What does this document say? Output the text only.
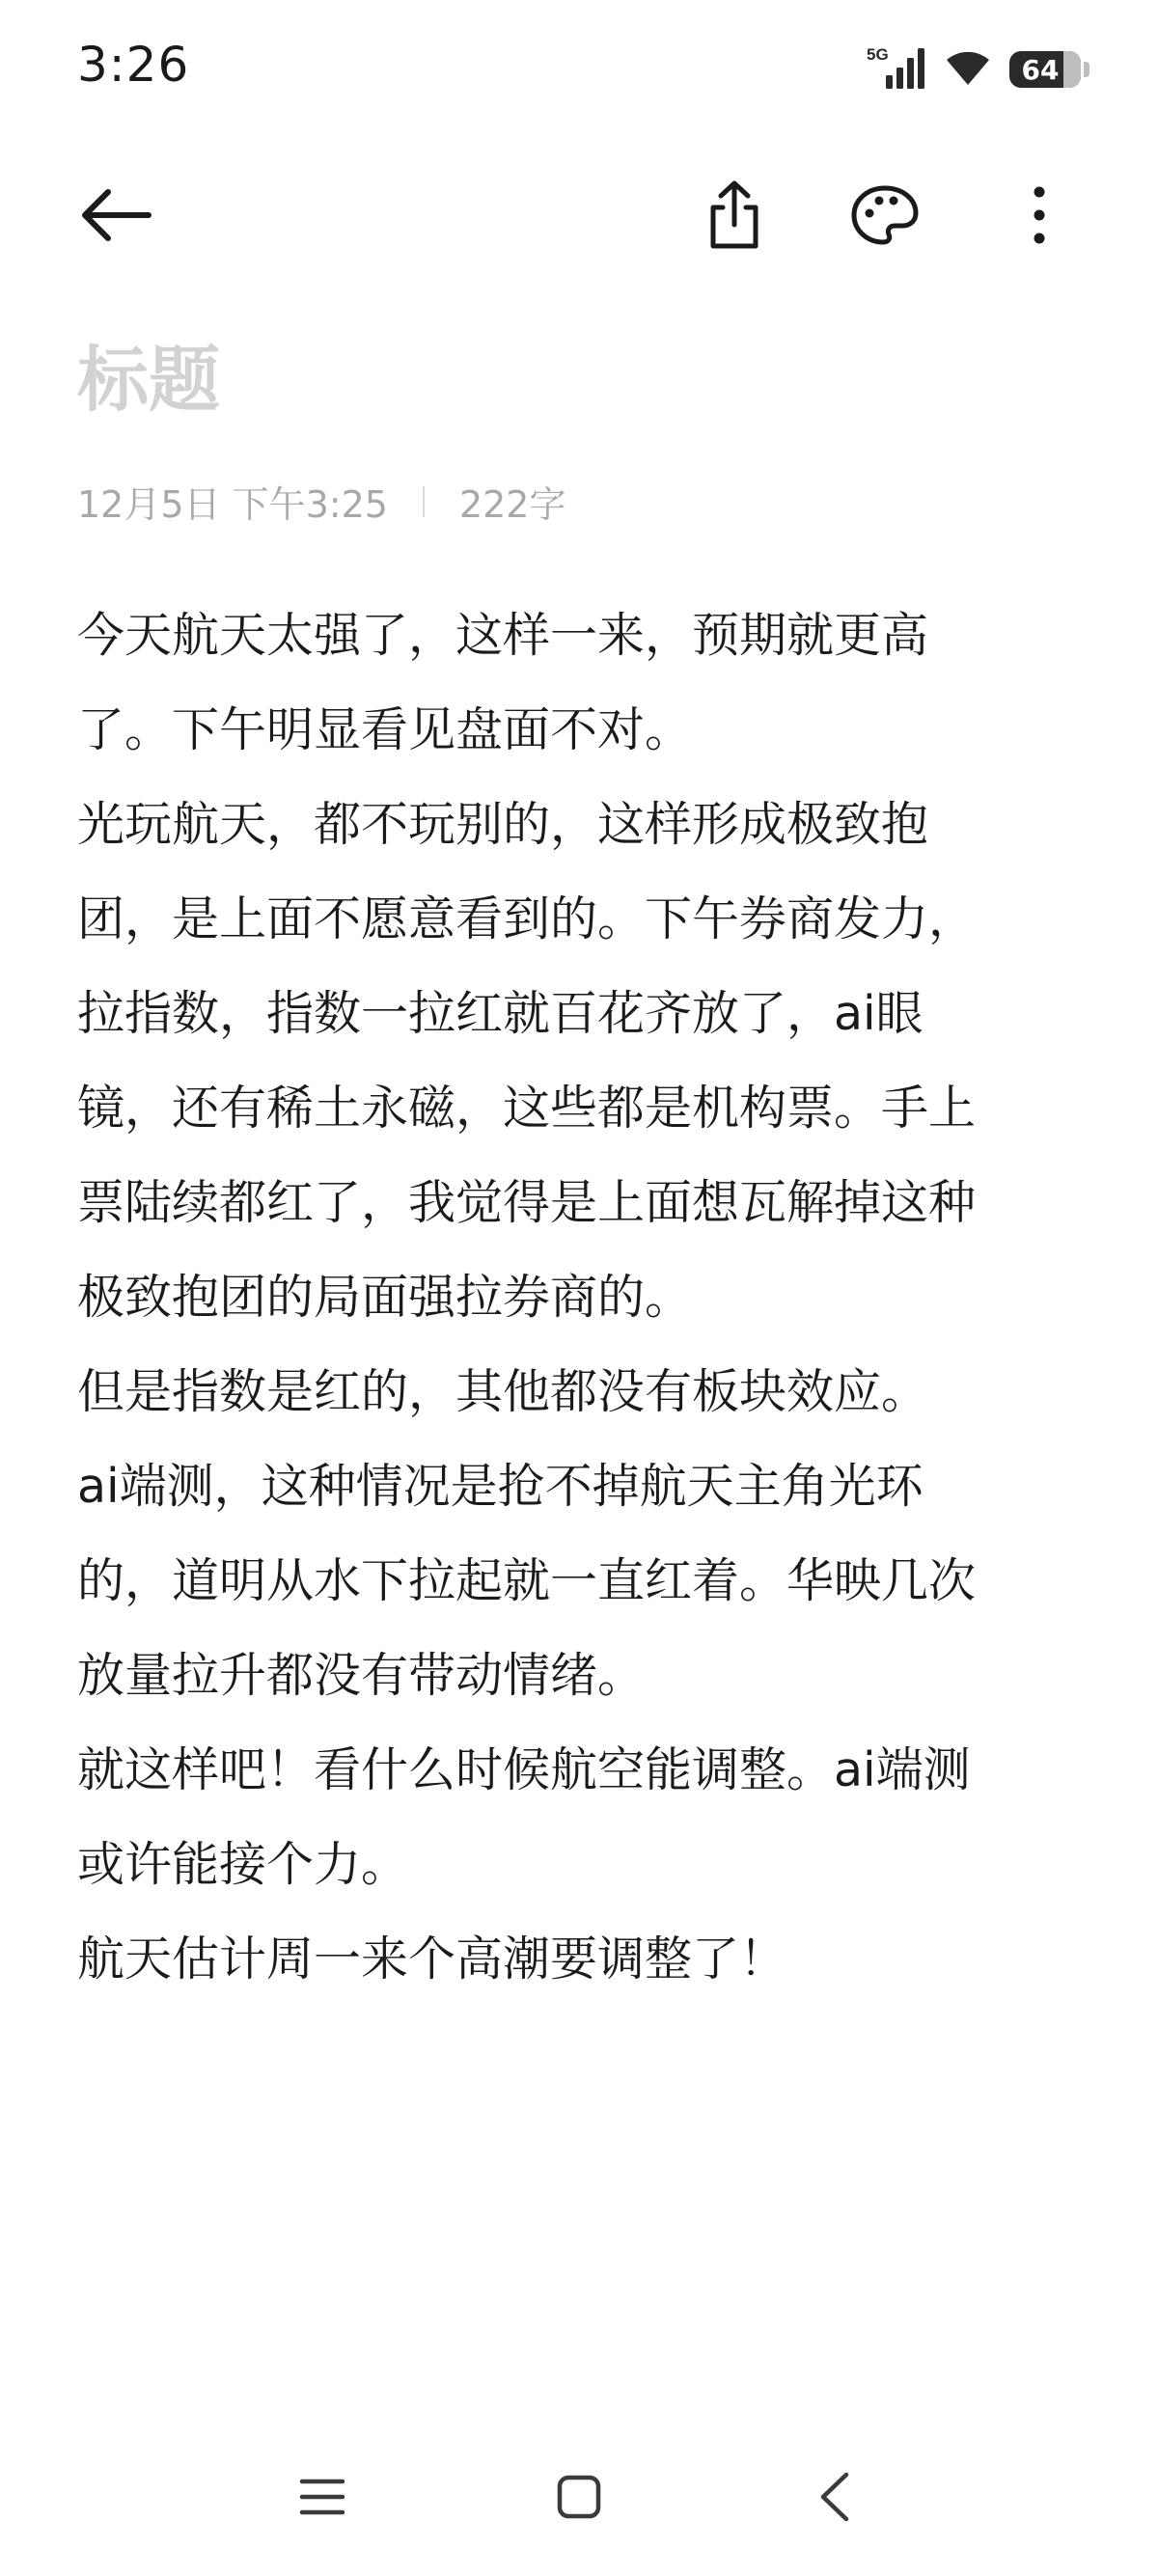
3:26	5G	64
标题
12月5日 下午3:25 222字
今天航天太强了，这样一来，预期就更高
了。下午明显看见盘面不对。
光玩航天，都不玩别的，这样形成极致抱
团，是上面不愿意看到的。下午券商发力，
拉指数，指数一拉红就百花齐放了，ai眼
镜，还有稀土永磁，这些都是机构票。手上
票陆续都红了，我觉得是上面想瓦解掉这种
极致抱团的局面强拉券商的。
但是指数是红的，其他都没有板块效应。
ai端测，这种情况是抢不掉航天主角光环
的，道明从水下拉起就一直红着。华映几次
放量拉升都没有带动情绪。
就这样吧！看什么时候航空能调整。ai端测
或许能接个力。
航天估计周一来个高潮要调整了！
